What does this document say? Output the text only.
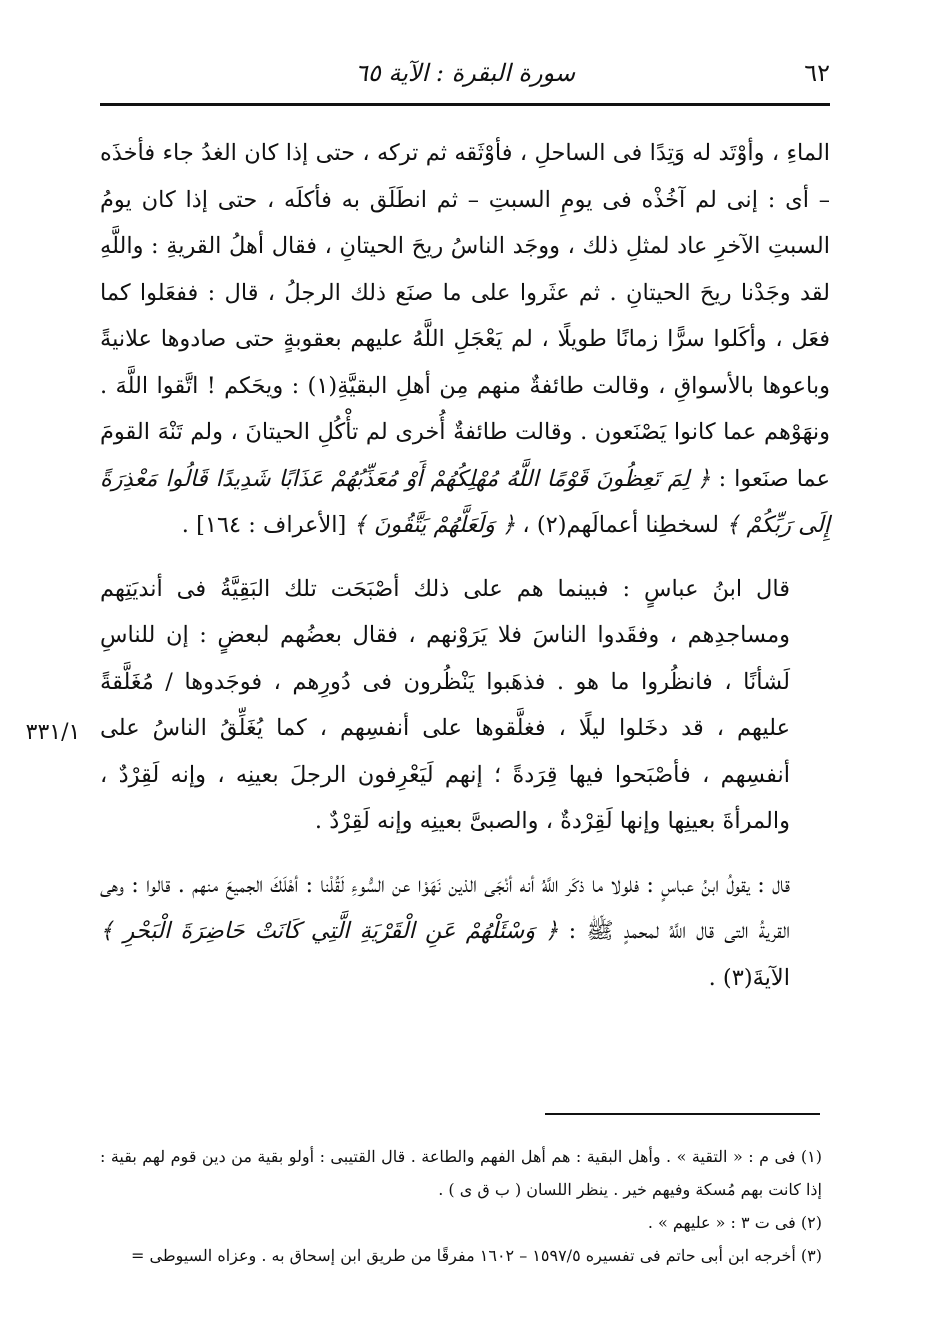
٦٢
سورة البقرة : الآية ٦٥
٣٣١/١

الماءِ ، وأوْتَد له وَتِدًا فى الساحلِ ، فأوْثَقه ثم تركه ، حتى إذا كان الغدُ جاء فأخذَه – أى : إنى لم آخُذْه فى يومِ السبتِ – ثم انطَلَق به فأكلَه ، حتى إذا كان يومُ السبتِ الآخرِ عاد لمثلِ ذلك ، ووجَد الناسُ ريحَ الحيتانِ ، فقال أهلُ القريةِ : واللَّهِ لقد وجَدْنا ريحَ الحيتانِ . ثم عثَروا على ما صنَع ذلك الرجلُ ، قال : ففعَلوا كما فعَل ، وأكَلوا سرًّا زمانًا طويلًا ، لم يَعْجَلِ اللَّهُ عليهم بعقوبةٍ حتى صادوها علانيةً وباعوها بالأسواقِ ، وقالت طائفةٌ منهم مِن أهلِ البقيَّةِ(١) : ويحَكم ! اتَّقوا اللَّهَ . ونهَوْهم عما كانوا يَصْنَعون . وقالت طائفةٌ أُخرى لم تأْكُلِ الحيتانَ ، ولم تَنْهَ القومَ عما صنَعوا : ﴿ لِمَ تَعِظُونَ قَوْمًا اللَّهُ مُهْلِكُهُمْ أَوْ مُعَذِّبُهُمْ عَذَابًا شَدِيدًا قَالُوا مَعْذِرَةً إِلَى رَبِّكُمْ ﴾ لسخطِنا أعمالَهم(٢) ، ﴿ وَلَعَلَّهُمْ يَتَّقُونَ ﴾ [الأعراف : ١٦٤] .

قال ابنُ عباسٍ : فبينما هم على ذلك أصْبَحَت تلك البَقِيَّةُ فى أنديَتِهم ومساجدِهم ، وفقَدوا الناسَ فلا يَرَوْنهم ، فقال بعضُهم لبعضٍ : إن للناسِ لَشأنًا ، فانظُروا ما هو . فذهَبوا يَنْظُرون فى دُورِهم ، فوجَدوها / مُغَلَّقةً عليهم ، قد دخَلوا ليلًا ، فغلَّقوها على أنفسِهم ، كما يُغَلِّقُ الناسُ على أنفسِهم ، فأصْبَحوا فيها قِرَدةً ؛ إنهم لَيَعْرِفون الرجلَ بعينِه ، وإنه لَقِرْدٌ ، والمرأةَ بعينِها وإنها لَقِرْدةٌ ، والصبىَّ بعينِه وإنه لَقِرْدٌ .

قال : يقولُ ابنُ عباسٍ : فلولا ما ذكَر اللَّهُ أنه أنْجَى الذين نَهَوْا عن السُّوءِ لَقُلْنا : أهْلَكَ الجميعَ منهم . قالوا : وهى القريةُ التى قال اللَّهُ لمحمدٍ ﷺ : ﴿ وَسْئَلْهُمْ عَنِ الْقَرْيَةِ الَّتِي كَانَتْ حَاضِرَةَ الْبَحْرِ ﴾ الآيةَ(٣) .

(١) فى م : « التقية » . وأهل البقية : هم أهل الفهم والطاعة . قال القتيبى : أولو بقية من دين قوم لهم بقية : إذا كانت بهم مُسكة وفيهم خير . ينظر اللسان ( ب ق ى ) .

(٢) فى ت ٣ : « عليهم » .

(٣) أخرجه ابن أبى حاتم فى تفسيره ١٥٩٧/٥ – ١٦٠٢ مفرقًا من طريق ابن إسحاق به . وعزاه السيوطى =
